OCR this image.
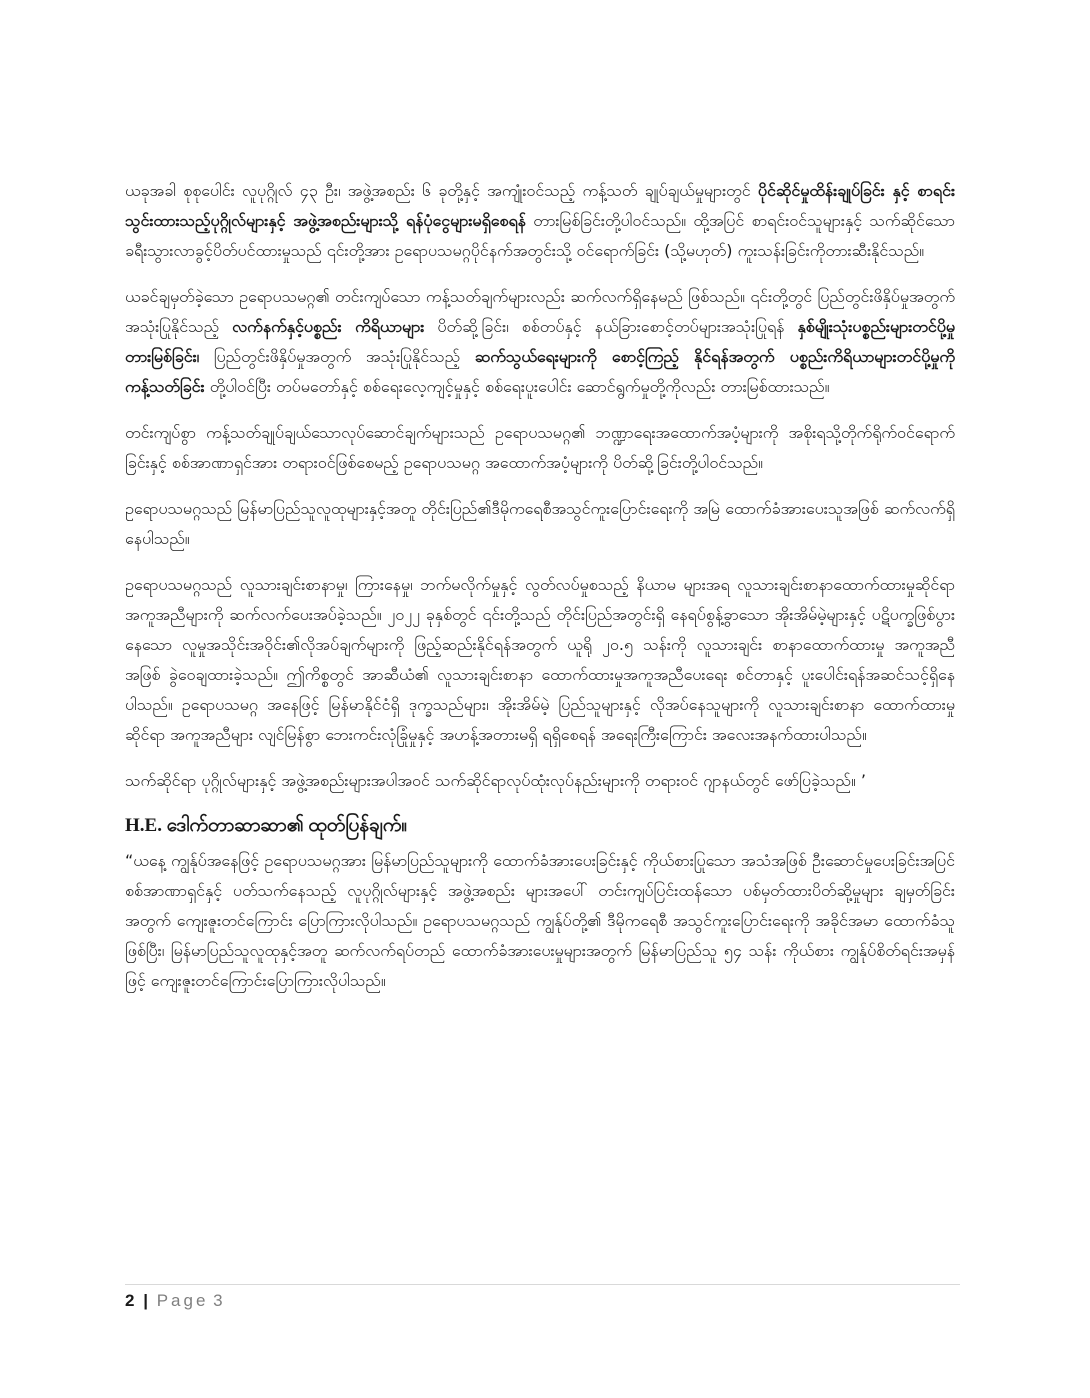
ယခုအခါ စုစုပေါင်း လူပုဂ္ဂိုလ် ၄၃ ဦး၊ အဖွဲ့အစည်း ၆ ခုတို့နှင့် အကျုံးဝင်သည့် ကန့်သတ် ချုပ်ချယ်မှုများတွင် ပိုင်ဆိုင်မှုထိန်းချုပ်ခြင်း နှင့် စာရင်းသွင်းထားသည့်ပုဂ္ဂိုလ်များနှင့် အဖွဲ့အစည်းများသို့ ရန်ပုံငွေများမရှိစေရန် တားမြစ်ခြင်းတို့ပါဝင်သည်။ ထို့အပြင် စာရင်းဝင်သူများနှင့် သက်ဆိုင်သော ခရီးသွားလာခွင့်ပိတ်ပင်ထားမှုသည် ၎င်းတို့အား ဥရောပသမဂ္ဂပိုင်နက်အတွင်းသို့ ဝင်ရောက်ခြင်း (သို့မဟုတ်) ကူးသန်းခြင်းကိုတားဆီးနိုင်သည်။

ယခင်ချမှတ်ခဲ့သော ဥရောပသမဂ္ဂ၏ တင်းကျပ်သော ကန့်သတ်ချက်များလည်း ဆက်လက်ရှိနေမည် ဖြစ်သည်။ ၎င်းတို့တွင် ပြည်တွင်းဖိနှိပ်မှုအတွက်အသုံးပြုနိုင်သည့် လက်နက်နှင့်ပစ္စည်း ကိရိယာများ ပိတ်ဆို့ခြင်း၊ စစ်တပ်နှင့် နယ်ခြားစောင့်တပ်များအသုံးပြုရန် နှစ်မျိုးသုံးပစ္စည်းများတင်ပို့မှု တားမြစ်ခြင်း၊ ပြည်တွင်းဖိနှိပ်မှုအတွက် အသုံးပြုနိုင်သည့် ဆက်သွယ်ရေးများကို စောင့်ကြည့် နိုင်ရန်အတွက် ပစ္စည်းကိရိယာများတင်ပို့မှုကို ကန့်သတ်ခြင်း တို့ပါဝင်ပြီး တပ်မတော်နှင့် စစ်ရေးလေ့ကျင့်မှုနှင့် စစ်ရေးပူးပေါင်း ဆောင်ရွက်မှုတို့ကိုလည်း တားမြစ်ထားသည်။

တင်းကျပ်စွာ ကန့်သတ်ချုပ်ချယ်သောလုပ်ဆောင်ချက်များသည် ဥရောပသမဂ္ဂ၏ ဘဏ္ဍာရေးအထောက်အပံ့များကို အစိုးရသို့တိုက်ရိုက်ဝင်ရောက်ခြင်းနှင့် စစ်အာဏာရှင်အား တရားဝင်ဖြစ်စေမည့် ဥရောပသမဂ္ဂ အထောက်အပံ့များကို ပိတ်ဆို့ခြင်းတို့ပါဝင်သည်။

ဥရောပသမဂ္ဂသည် မြန်မာပြည်သူလူထုများနှင့်အတူ တိုင်းပြည်၏ဒီမိုကရေစီအသွင်ကူးပြောင်းရေးကို အမြဲ ထောက်ခံအားပေးသူအဖြစ် ဆက်လက်ရှိနေပါသည်။

ဥရောပသမဂ္ဂသည် လူသားချင်းစာနာမှု၊ ကြားနေမှု၊ ဘက်မလိုက်မှုနှင့် လွတ်လပ်မှုစသည့် နိယာမ များအရ လူသားချင်းစာနာထောက်ထားမှုဆိုင်ရာ အကူအညီများကို ဆက်လက်ပေးအပ်ခဲ့သည်။ ၂၀၂၂ ခုနှစ်တွင် ၎င်းတို့သည် တိုင်းပြည်အတွင်းရှိ နေရပ်စွန့်ခွာသော အိုးအိမ်မဲ့များနှင့် ပဋိပက္ခဖြစ်ပွားနေသော လူမှုအသိုင်းအဝိုင်း၏လိုအပ်ချက်များကို ဖြည့်ဆည်းနိုင်ရန်အတွက် ယူရို ၂၀.၅ သန်းကို လူသားချင်း စာနာထောက်ထားမှု အကူအညီ အဖြစ် ခွဲဝေချထားခဲ့သည်။ ဤကိစ္စတွင် အာဆီယံ၏ လူသားချင်းစာနာ ထောက်ထားမှုအကူအညီပေးရေး စင်တာနှင့် ပူးပေါင်းရန်အဆင်သင့်ရှိနေပါသည်။ ဥရောပသမဂ္ဂ အနေဖြင့် မြန်မာနိုင်ငံရှိ ဒုက္ခသည်များ၊ အိုးအိမ်မဲ့ ပြည်သူများနှင့် လိုအပ်နေသူများကို လူသားချင်းစာနာ ထောက်ထားမှုဆိုင်ရာ အကူအညီများ လျင်မြန်စွာ ဘေးကင်းလုံခြုံမှုနှင့် အဟန့်အတားမရှိ ရရှိစေရန် အရေးကြီးကြောင်း အလေးအနက်ထားပါသည်။

သက်ဆိုင်ရာ ပုဂ္ဂိုလ်များနှင့် အဖွဲ့အစည်းများအပါအဝင် သက်ဆိုင်ရာလုပ်ထုံးလုပ်နည်းများကို တရားဝင် ဂျာနယ်တွင် ဖော်ပြခဲ့သည်။ ’

H.E. ဒေါက်တာဆာဆာ၏ ထုတ်ပြန်ချက်။

“ယနေ့ ကျွန်ုပ်အနေဖြင့် ဥရောပသမဂ္ဂအား မြန်မာပြည်သူများကို ထောက်ခံအားပေးခြင်းနှင့် ကိုယ်စားပြုသော အသံအဖြစ် ဦးဆောင်မှုပေးခြင်းအပြင် စစ်အာဏာရှင်နှင့် ပတ်သက်နေသည့် လူပုဂ္ဂိုလ်များနှင့် အဖွဲ့အစည်း များအပေါ် တင်းကျပ်ပြင်းထန်သော ပစ်မှတ်ထားပိတ်ဆို့မှုများ ချမှတ်ခြင်းအတွက် ကျေးဇူးတင်ကြောင်း ပြောကြားလိုပါသည်။ ဥရောပသမဂ္ဂသည် ကျွန်ုပ်တို့၏ ဒီမိုကရေစီ အသွင်ကူးပြောင်းရေးကို အခိုင်အမာ ထောက်ခံသူဖြစ်ပြီး၊ မြန်မာပြည်သူလူထုနှင့်အတူ ဆက်လက်ရပ်တည် ထောက်ခံအားပေးမှုများအတွက် မြန်မာပြည်သူ ၅၄ သန်း ကိုယ်စား ကျွန်ုပ်စိတ်ရင်းအမှန်ဖြင့် ကျေးဇူးတင်ကြောင်းပြောကြားလိုပါသည်။

2 | Page 3
